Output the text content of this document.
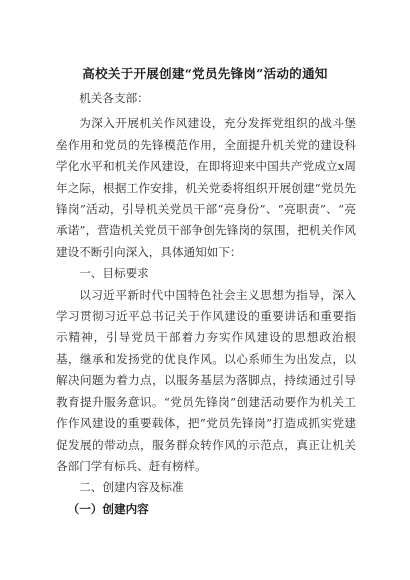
高校关于开展创建“党员先锋岗”活动的通知

机关各支部：

为深入开展机关作风建设，充分发挥党组织的战斗堡垒作用和党员的先锋模范作用，全面提升机关党的建设科学化水平和机关作风建设，在即将迎来中国共产党成立x周年之际，根据工作安排，机关党委将组织开展创建“党员先锋岗”活动，引导机关党员干部“亮身份”、“亮职责”、“亮承诺”，营造机关党员干部争创先锋岗的氛围，把机关作风建设不断引向深入，具体通知如下：

一、目标要求

以习近平新时代中国特色社会主义思想为指导，深入学习贯彻习近平总书记关于作风建设的重要讲话和重要指示精神，引导党员干部着力夯实作风建设的思想政治根基，继承和发扬党的优良作风。以心系师生为出发点，以解决问题为着力点，以服务基层为落脚点，持续通过引导教育提升服务意识。“党员先锋岗”创建活动要作为机关工作作风建设的重要载体，把“党员先锋岗”打造成抓实党建促发展的带动点，服务群众转作风的示范点，真正让机关各部门学有标兵、赶有榜样。

二、创建内容及标准

（一）创建内容
